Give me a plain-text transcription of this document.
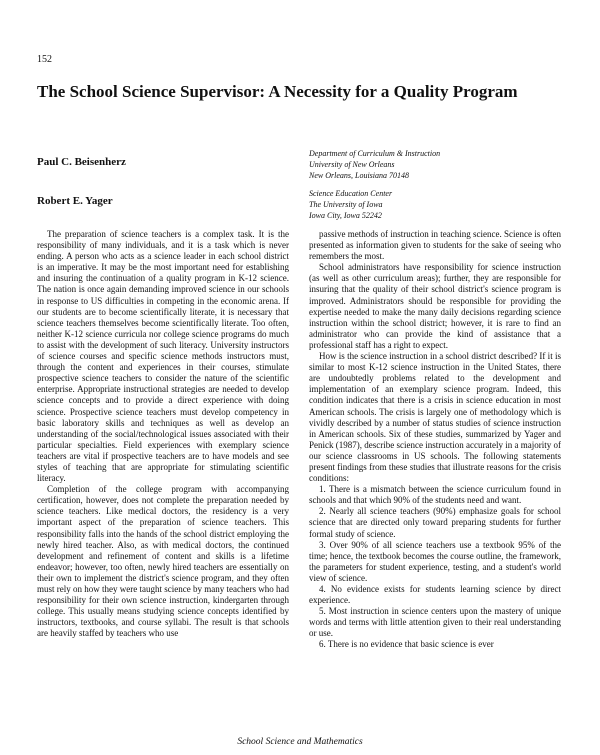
152
The School Science Supervisor: A Necessity for a Quality Program
Paul C. Beisenherz
Department of Curriculum & Instruction
University of New Orleans
New Orleans, Louisiana 70148
Robert E. Yager
Science Education Center
The University of Iowa
Iowa City, Iowa 52242

The preparation of science teachers is a complex task. It is the responsibility of many individuals, and it is a task which is never ending. A person who acts as a science leader in each school district is an imperative. It may be the most important need for establishing and insuring the continuation of a quality program in K-12 science. The nation is once again demanding improved science in our schools in response to US difficulties in competing in the economic arena. If our students are to become scientifically literate, it is necessary that science teachers themselves become scientifically literate. Too often, neither K-12 science curricula nor college science programs do much to assist with the development of such literacy. University instructors of science courses and specific science methods instructors must, through the content and experiences in their courses, stimulate prospective science teachers to consider the nature of the scientific enterprise. Appropriate instructional strategies are needed to develop science concepts and to provide a direct experience with doing science. Prospective science teachers must develop competency in basic laboratory skills and techniques as well as develop an understanding of the social/technological issues associated with their particular specialties. Field experiences with exemplary science teachers are vital if prospective teachers are to have models and see styles of teaching that are appropriate for stimulating scientific literacy.

Completion of the college program with accompanying certification, however, does not complete the preparation needed by science teachers. Like medical doctors, the residency is a very important aspect of the preparation of science teachers. This responsibility falls into the hands of the school district employing the newly hired teacher. Also, as with medical doctors, the continued development and refinement of content and skills is a lifetime endeavor; however, too often, newly hired teachers are essentially on their own to implement the district's science program, and they often must rely on how they were taught science by many teachers who had responsibility for their own science instruction, kindergarten through college. This usually means studying science concepts identified by instructors, textbooks, and course syllabi. The result is that schools are heavily staffed by teachers who use

passive methods of instruction in teaching science. Science is often presented as information given to students for the sake of seeing who remembers the most.

School administrators have responsibility for science instruction (as well as other curriculum areas); further, they are responsible for insuring that the quality of their school district's science program is improved. Administrators should be responsible for providing the expertise needed to make the many daily decisions regarding science instruction within the school district; however, it is rare to find an administrator who can provide the kind of assistance that a professional staff has a right to expect.

How is the science instruction in a school district described? If it is similar to most K-12 science instruction in the United States, there are undoubtedly problems related to the development and implementation of an exemplary science program. Indeed, this condition indicates that there is a crisis in science education in most American schools. The crisis is largely one of methodology which is vividly described by a number of status studies of science instruction in American schools. Six of these studies, summarized by Yager and Penick (1987), describe science instruction accurately in a majority of our science classrooms in US schools. The following statements present findings from these studies that illustrate reasons for the crisis conditions:

1. There is a mismatch between the science curriculum found in schools and that which 90% of the students need and want.

2. Nearly all science teachers (90%) emphasize goals for school science that are directed only toward preparing students for further formal study of science.

3. Over 90% of all science teachers use a textbook 95% of the time; hence, the textbook becomes the course outline, the framework, the parameters for student experience, testing, and a student's world view of science.

4. No evidence exists for students learning science by direct experience.

5. Most instruction in science centers upon the mastery of unique words and terms with little attention given to their real understanding or use.

6. There is no evidence that basic science is ever

School Science and Mathematics
